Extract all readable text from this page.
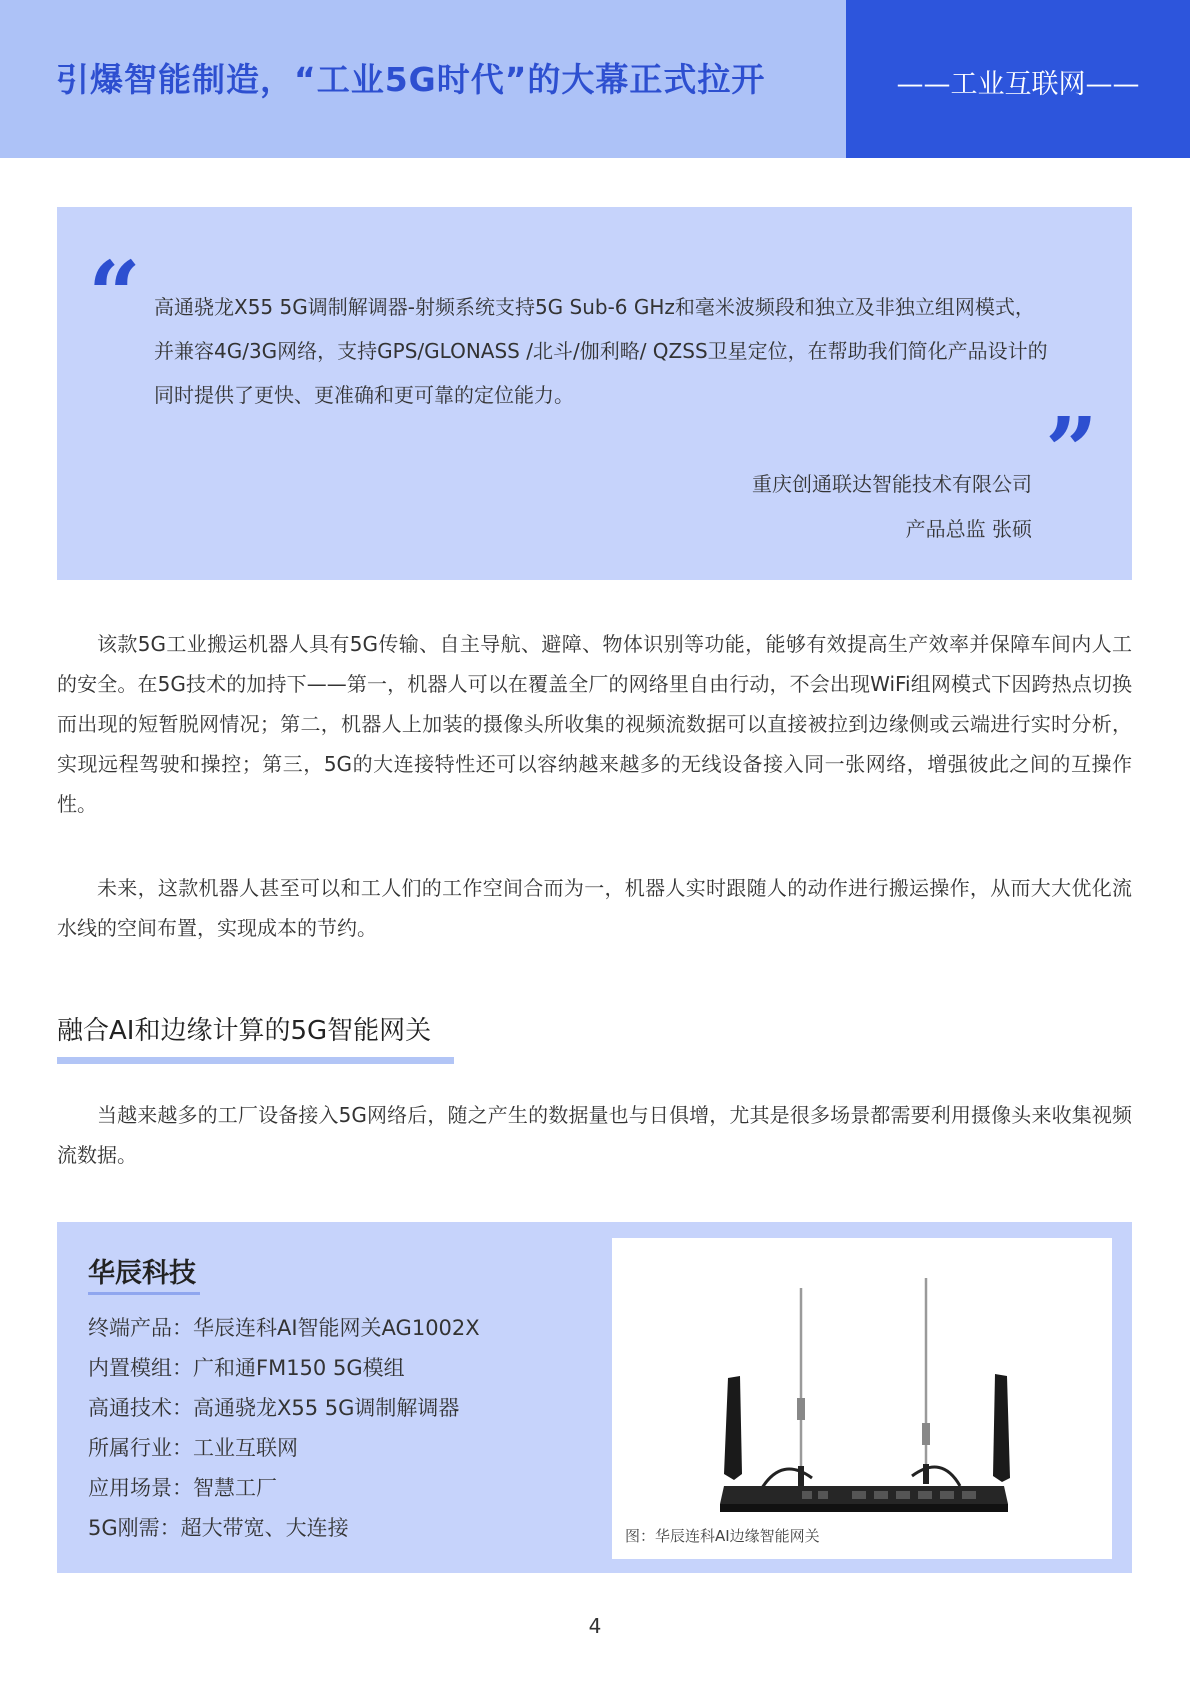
引爆智能制造，“工业5G时代”的大幕正式拉开	——工业互联网——
“ 高通骁龙X55 5G调制解调器-射频系统支持5G Sub-6 GHz和毫米波频段和独立及非独立组网模式，并兼容4G/3G网络，支持GPS/GLONASS /北斗/伽利略/ QZSS卫星定位，在帮助我们简化产品设计的同时提供了更快、更准确和更可靠的定位能力。
”
重庆创通联达智能技术有限公司
产品总监 张硕

该款5G工业搬运机器人具有5G传输、自主导航、避障、物体识别等功能，能够有效提高生产效率并保障车间内人工的安全。在5G技术的加持下——第一，机器人可以在覆盖全厂的网络里自由行动，不会出现WiFi组网模式下因跨热点切换而出现的短暂脱网情况；第二，机器人上加装的摄像头所收集的视频流数据可以直接被拉到边缘侧或云端进行实时分析，实现远程驾驶和操控；第三，5G的大连接特性还可以容纳越来越多的无线设备接入同一张网络，增强彼此之间的互操作性。

未来，这款机器人甚至可以和工人们的工作空间合而为一，机器人实时跟随人的动作进行搬运操作，从而大大优化流水线的空间布置，实现成本的节约。

融合AI和边缘计算的5G智能网关

当越来越多的工厂设备接入5G网络后，随之产生的数据量也与日俱增，尤其是很多场景都需要利用摄像头来收集视频流数据。

华辰科技
终端产品：华辰连科AI智能网关AG1002X
内置模组：广和通FM150 5G模组
高通技术：高通骁龙X55 5G调制解调器
所属行业：工业互联网
应用场景：智慧工厂
5G刚需：超大带宽、大连接	图：华辰连科AI边缘智能网关
4
